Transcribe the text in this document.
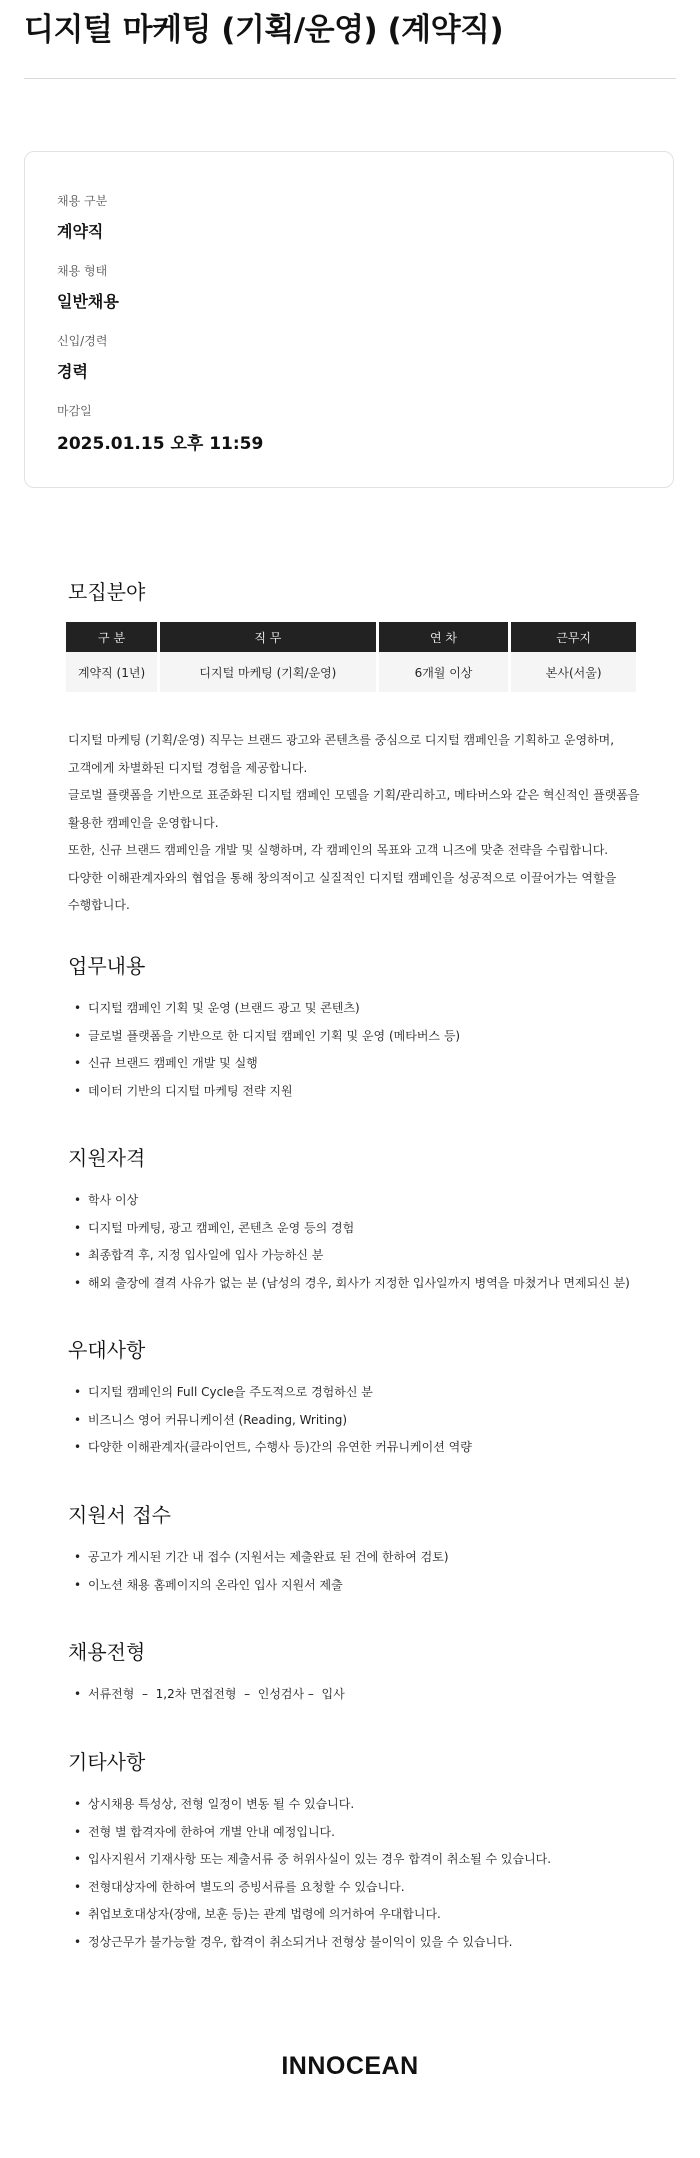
디지털 마케팅 (기획/운영) (계약직)
채용 구분
계약직
채용 형태
일반채용
신입/경력
경력
마감일
2025.01.15 오후 11:59
모집분야
구 분	직 무	연 차	근무지
계약직 (1년)	디지털 마케팅 (기획/운영)	6개월 이상	본사(서울)

디지털 마케팅 (기획/운영) 직무는 브랜드 광고와 콘텐츠를 중심으로 디지털 캠페인을 기획하고 운영하며,

고객에게 차별화된 디지털 경험을 제공합니다.

글로벌 플랫폼을 기반으로 표준화된 디지털 캠페인 모델을 기획/관리하고, 메타버스와 같은 혁신적인 플랫폼을

활용한 캠페인을 운영합니다.

또한, 신규 브랜드 캠페인을 개발 및 실행하며, 각 캠페인의 목표와 고객 니즈에 맞춘 전략을 수립합니다.

다양한 이해관계자와의 협업을 통해 창의적이고 실질적인 디지털 캠페인을 성공적으로 이끌어가는 역할을

수행합니다.

업무내용
• 디지털 캠페인 기획 및 운영 (브랜드 광고 및 콘텐츠)
• 글로벌 플랫폼을 기반으로 한 디지털 캠페인 기획 및 운영 (메타버스 등)
• 신규 브랜드 캠페인 개발 및 실행
• 데이터 기반의 디지털 마케팅 전략 지원
지원자격
• 학사 이상
• 디지털 마케팅, 광고 캠페인, 콘텐츠 운영 등의 경험
• 최종합격 후, 지정 입사일에 입사 가능하신 분
• 해외 출장에 결격 사유가 없는 분 (남성의 경우, 회사가 지정한 입사일까지 병역을 마쳤거나 면제되신 분)
우대사항
• 디지털 캠페인의 Full Cycle을 주도적으로 경험하신 분
• 비즈니스 영어 커뮤니케이션 (Reading, Writing)
• 다양한 이해관계자(클라이언트, 수행사 등)간의 유연한 커뮤니케이션 역량
지원서 접수
• 공고가 게시된 기간 내 접수 (지원서는 제출완료 된 건에 한하여 검토)
• 이노션 채용 홈페이지의 온라인 입사 지원서 제출
채용전형
• 서류전형  –  1,2차 면접전형  –  인성검사 –  입사
기타사항
• 상시채용 특성상, 전형 일정이 변동 될 수 있습니다.
• 전형 별 합격자에 한하여 개별 안내 예정입니다.
• 입사지원서 기재사항 또는 제출서류 중 허위사실이 있는 경우 합격이 취소될 수 있습니다.
• 전형대상자에 한하여 별도의 증빙서류를 요청할 수 있습니다.
• 취업보호대상자(장애, 보훈 등)는 관계 법령에 의거하여 우대합니다.
• 정상근무가 불가능할 경우, 합격이 취소되거나 전형상 불이익이 있을 수 있습니다.
INNOCEAN
